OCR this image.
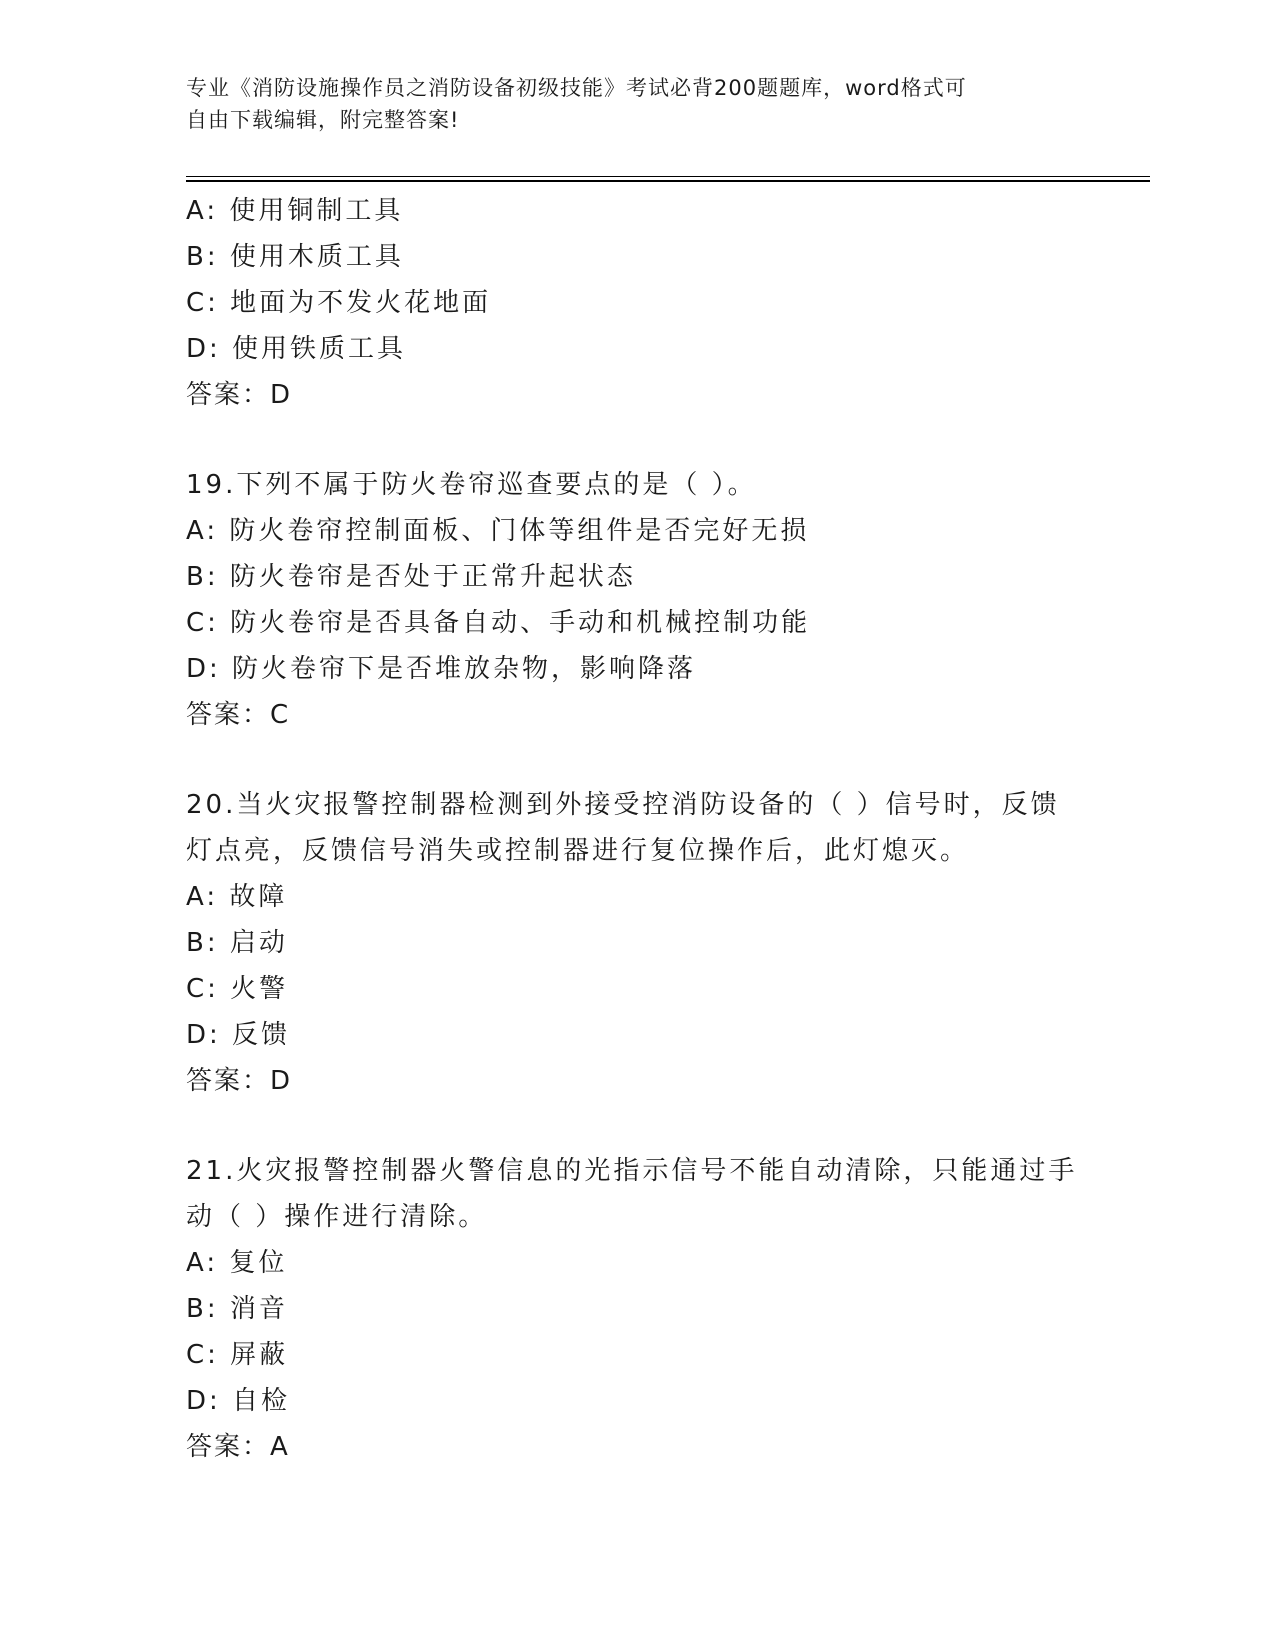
专业《消防设施操作员之消防设备初级技能》考试必背200题题库，word格式可
自由下载编辑，附完整答案!
A: 使用铜制工具
B: 使用木质工具
C: 地面为不发火花地面
D: 使用铁质工具
答案：D
19.下列不属于防火卷帘巡查要点的是（ ）。
A: 防火卷帘控制面板、门体等组件是否完好无损
B: 防火卷帘是否处于正常升起状态
C: 防火卷帘是否具备自动、手动和机械控制功能
D: 防火卷帘下是否堆放杂物，影响降落
答案：C
20.当火灾报警控制器检测到外接受控消防设备的（ ）信号时，反馈
灯点亮，反馈信号消失或控制器进行复位操作后，此灯熄灭。
A: 故障
B: 启动
C: 火警
D: 反馈
答案：D
21.火灾报警控制器火警信息的光指示信号不能自动清除，只能通过手
动（ ）操作进行清除。
A: 复位
B: 消音
C: 屏蔽
D: 自检
答案：A
